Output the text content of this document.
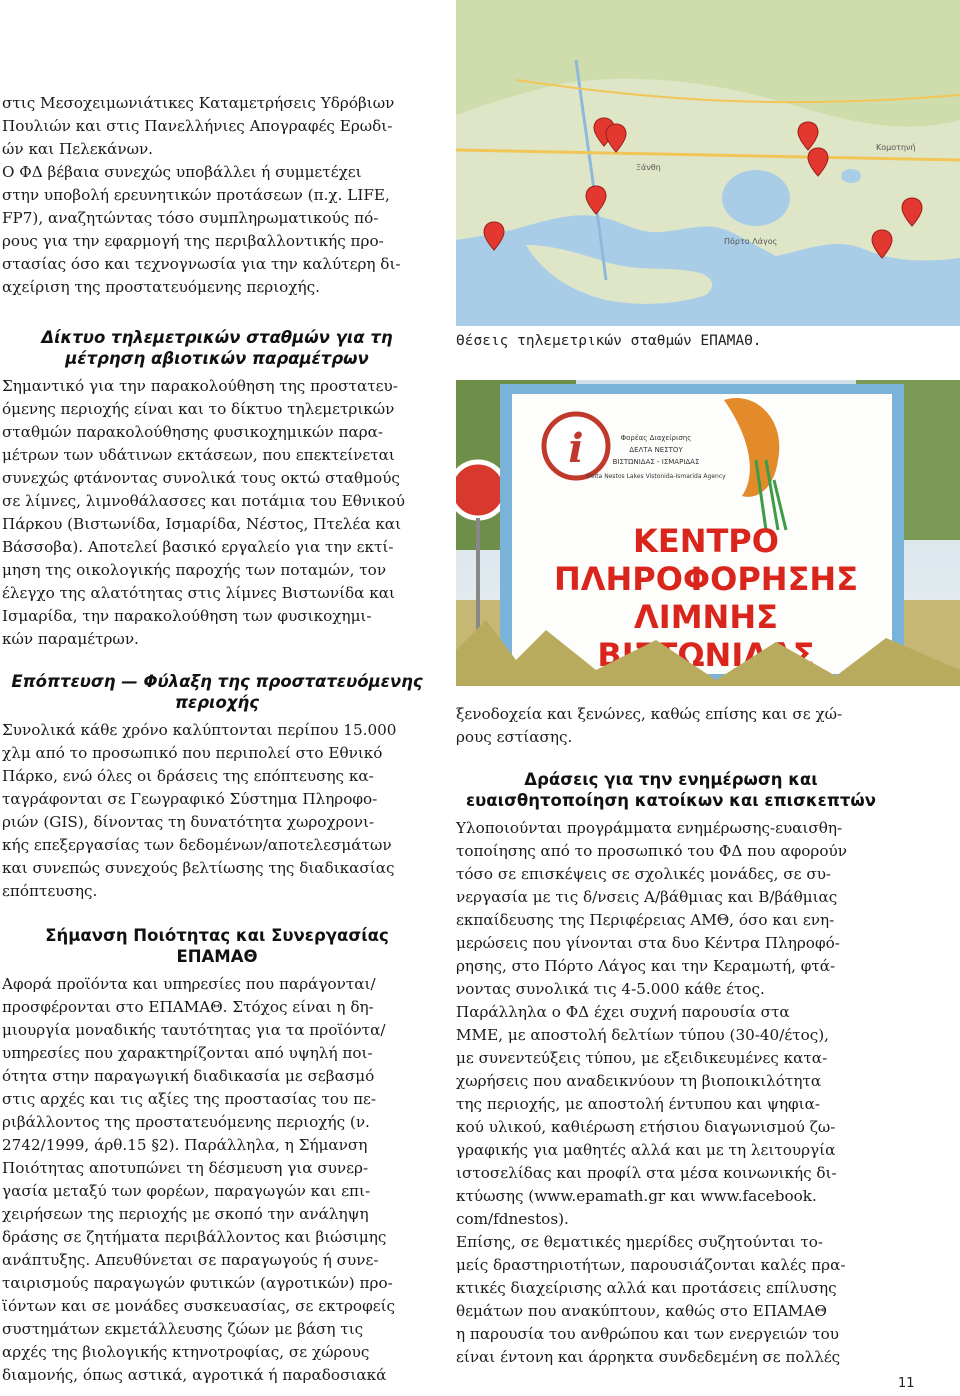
στις Μεσοχειμωνιάτικες Καταμετρήσεις Υδρόβιων
Πουλιών και στις Πανελλήνιες Απογραφές Ερωδι-
ών και Πελεκάνων.
Ο ΦΔ βέβαια συνεχώς υποβάλλει ή συμμετέχει
στην υποβολή ερευνητικών προτάσεων (π.χ. LIFE,
FP7), αναζητώντας τόσο συμπληρωματικούς πό-
ρους για την εφαρμογή της περιβαλλοντικής προ-
στασίας όσο και τεχνογνωσία για την καλύτερη δι-
αχείριση της προστατευόμενης περιοχής.

Δίκτυο τηλεμετρικών σταθμών για τη
μέτρηση αβιοτικών παραμέτρων

Σημαντικό για την παρακολούθηση της προστατευ-
όμενης περιοχής είναι και το δίκτυο τηλεμετρικών
σταθμών παρακολούθησης φυσικοχημικών παρα-
μέτρων των υδάτινων εκτάσεων, που επεκτείνεται
συνεχώς φτάνοντας συνολικά τους οκτώ σταθμούς
σε λίμνες, λιμνοθάλασσες και ποτάμια του Εθνικού
Πάρκου (Βιστωνίδα, Ισμαρίδα, Νέστος, Πτελέα και
Βάσσοβα). Αποτελεί βασικό εργαλείο για την εκτί-
μηση της οικολογικής παροχής των ποταμών, τον
έλεγχο της αλατότητας στις λίμνες Βιστωνίδα και
Ισμαρίδα, την παρακολούθηση των φυσικοχημι-
κών παραμέτρων.

Επόπτευση — Φύλαξη της προστατευόμενης
περιοχής

Συνολικά κάθε χρόνο καλύπτονται περίπου 15.000
χλμ από το προσωπικό που περιπολεί στο Εθνικό
Πάρκο, ενώ όλες οι δράσεις της επόπτευσης κα-
ταγράφονται σε Γεωγραφικό Σύστημα Πληροφο-
ριών (GIS), δίνοντας τη δυνατότητα χωροχρονι-
κής επεξεργασίας των δεδομένων/αποτελεσμάτων
και συνεπώς συνεχούς βελτίωσης της διαδικασίας
επόπτευσης.

Σήμανση Ποιότητας και Συνεργασίας
ΕΠΑΜΑΘ

Αφορά προϊόντα και υπηρεσίες που παράγονται/
προσφέρονται στο ΕΠΑΜΑΘ. Στόχος είναι η δη-
μιουργία μοναδικής ταυτότητας για τα προϊόντα/
υπηρεσίες που χαρακτηρίζονται από υψηλή ποι-
ότητα στην παραγωγική διαδικασία με σεβασμό
στις αρχές και τις αξίες της προστασίας του πε-
ριβάλλοντος της προστατευόμενης περιοχής (ν.
2742/1999, άρθ.15 §2). Παράλληλα, η Σήμανση
Ποιότητας αποτυπώνει τη δέσμευση για συνερ-
γασία μεταξύ των φορέων, παραγωγών και επι-
χειρήσεων της περιοχής με σκοπό την ανάληψη
δράσης σε ζητήματα περιβάλλοντος και βιώσιμης
ανάπτυξης. Απευθύνεται σε παραγωγούς ή συνε-
ταιρισμούς παραγωγών φυτικών (αγροτικών) προ-
ϊόντων και σε μονάδες συσκευασίας, σε εκτροφείς
συστημάτων εκμετάλλευσης ζώων με βάση τις
αρχές της βιολογικής κτηνοτροφίας, σε χώρους
διαμονής, όπως αστικά, αγροτικά ή παραδοσιακά

Ξάνθη
Πόρτο Λάγος
Κομοτηνή
Θέσεις τηλεμετρικών σταθμών ΕΠΑΜΑΘ.
i	Φορέας Διαχείρισης
ΔΕΛΤΑ ΝΕΣΤΟΥ
ΒΙΣΤΩΝΙΔΑΣ - ΙΣΜΑΡΙΔΑΣ
Delta Nestos Lakes Vistonida-Ismarida Agency
ΚΕΝΤΡΟ
ΠΛΗΡΟΦΟΡΗΣΗΣ
ΛΙΜΝΗΣ
ΒΙΣΤΩΝΙΔΑΣ

ξενοδοχεία και ξενώνες, καθώς επίσης και σε χώ-
ρους εστίασης.

Δράσεις για την ενημέρωση και
ευαισθητοποίηση κατοίκων και επισκεπτών

Υλοποιούνται προγράμματα ενημέρωσης-ευαισθη-
τοποίησης από το προσωπικό του ΦΔ που αφορούν
τόσο σε επισκέψεις σε σχολικές μονάδες, σε συ-
νεργασία με τις δ/νσεις Α/βάθμιας και Β/βάθμιας
εκπαίδευσης της Περιφέρειας ΑΜΘ, όσο και ενη-
μερώσεις που γίνονται στα δυο Κέντρα Πληροφό-
ρησης, στο Πόρτο Λάγος και την Κεραμωτή, φτά-
νοντας συνολικά τις 4-5.000 κάθε έτος.

Παράλληλα ο ΦΔ έχει συχνή παρουσία στα
ΜΜΕ, με αποστολή δελτίων τύπου (30-40/έτος),
με συνεντεύξεις τύπου, με εξειδικευμένες κατα-
χωρήσεις που αναδεικνύουν τη βιοποικιλότητα
της περιοχής, με αποστολή έντυπου και ψηφια-
κού υλικού, καθιέρωση ετήσιου διαγωνισμού ζω-
γραφικής για μαθητές αλλά και με τη λειτουργία
ιστοσελίδας και προφίλ στα μέσα κοινωνικής δι-
κτύωσης (www.epamath.gr και www.facebook.
com/fdnestos).

Επίσης, σε θεματικές ημερίδες συζητούνται το-
μείς δραστηριοτήτων, παρουσιάζονται καλές πρα-
κτικές διαχείρισης αλλά και προτάσεις επίλυσης
θεμάτων που ανακύπτουν, καθώς στο ΕΠΑΜΑΘ
η παρουσία του ανθρώπου και των ενεργειών του
είναι έντονη και άρρηκτα συνδεδεμένη σε πολλές

11
